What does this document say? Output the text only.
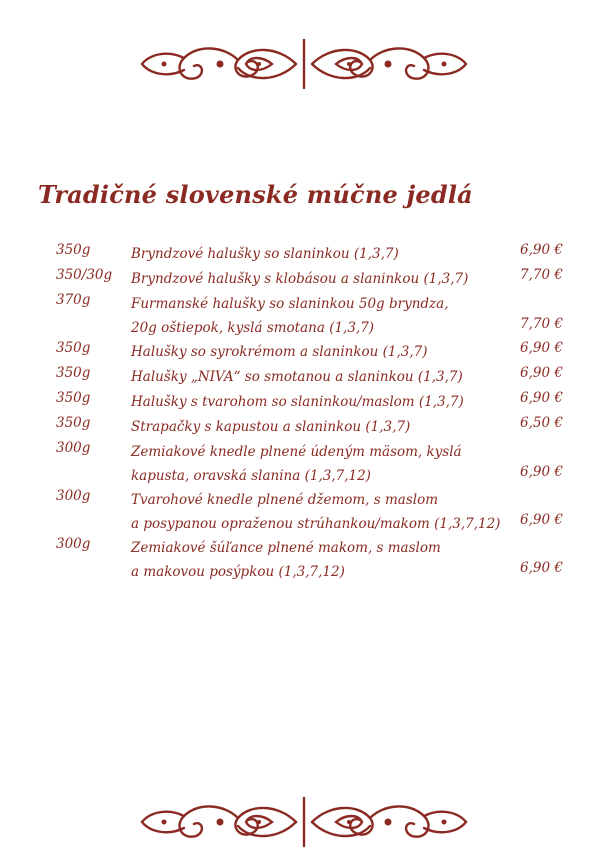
Tradičné slovenské múčne jedlá
350g	Bryndzové halušky so slaninkou (1,3,7)	6,90 €
350/30g Bryndzové halušky s klobásou a slaninkou (1,3,7)	7,70 €
370g	Furmanské halušky so slaninkou 50g bryndza,
20g oštiepok, kyslá smotana (1,3,7)	7,70 €
350g	Halušky so syrokrémom a slaninkou (1,3,7)	6,90 €
350g	Halušky „NIVA“ so smotanou a slaninkou (1,3,7)	6,90 €
350g	Halušky s tvarohom so slaninkou/maslom (1,3,7)	6,90 €
350g	Strapačky s kapustou a slaninkou (1,3,7)	6,50 €
300g	Zemiakové knedle plnené údeným mäsom, kyslá
kapusta, oravská slanina (1,3,7,12)	6,90 €
300g	Tvarohové knedle plnené džemom, s maslom
a posypanou opraženou strúhankou/makom (1,3,7,12)	6,90 €
300g	Zemiakové šúľance plnené makom, s maslom
a makovou posýpkou (1,3,7,12)	6,90 €
